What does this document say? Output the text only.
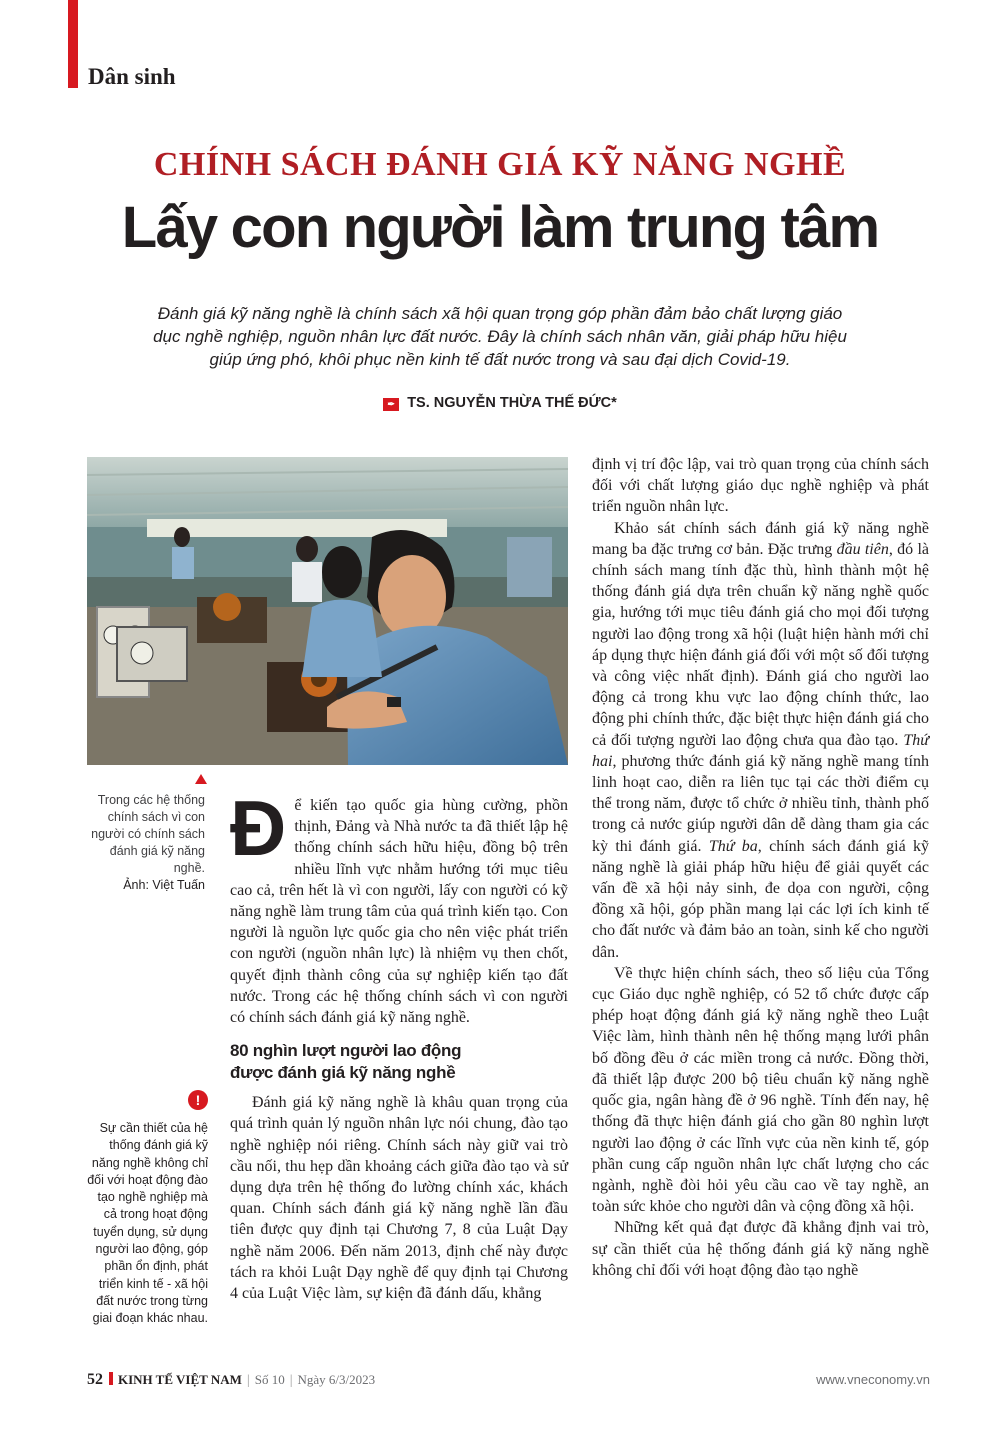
Dân sinh
CHÍNH SÁCH ĐÁNH GIÁ KỸ NĂNG NGHỀ
Lấy con người làm trung tâm
Đánh giá kỹ năng nghề là chính sách xã hội quan trọng góp phần đảm bảo chất lượng giáo
dục nghề nghiệp, nguồn nhân lực đất nước. Đây là chính sách nhân văn, giải pháp hữu hiệu
giúp ứng phó, khôi phục nền kinh tế đất nước trong và sau đại dịch Covid-19.
✒ TS. NGUYỄN THỪA THẾ ĐỨC*
Trong các hệ thống chính sách vì con người có chính sách đánh giá kỹ năng nghề.
Ảnh: Việt Tuấn
!
Sự cần thiết của hệ thống đánh giá kỹ năng nghề không chỉ đối với hoạt động đào tạo nghề nghiệp mà cả trong hoạt động tuyển dụng, sử dụng người lao động, góp phần ổn định, phát triển kinh tế - xã hội đất nước trong từng giai đoạn khác nhau.

Để kiến tạo quốc gia hùng cường, phồn thịnh, Đảng và Nhà nước ta đã thiết lập hệ thống chính sách hữu hiệu, đồng bộ trên nhiều lĩnh vực nhằm hướng tới mục tiêu cao cả, trên hết là vì con người, lấy con người có kỹ năng nghề làm trung tâm của quá trình kiến tạo. Con người là nguồn lực quốc gia cho nên việc phát triển con người (nguồn nhân lực) là nhiệm vụ then chốt, quyết định thành công của sự nghiệp kiến tạo đất nước. Trong các hệ thống chính sách vì con người có chính sách đánh giá kỹ năng nghề.

80 nghìn lượt người lao động
được đánh giá kỹ năng nghề

Đánh giá kỹ năng nghề là khâu quan trọng của quá trình quản lý nguồn nhân lực nói chung, đào tạo nghề nghiệp nói riêng. Chính sách này giữ vai trò cầu nối, thu hẹp dần khoảng cách giữa đào tạo và sử dụng dựa trên hệ thống đo lường chính xác, khách quan. Chính sách đánh giá kỹ năng nghề lần đầu tiên được quy định tại Chương 7, 8 của Luật Dạy nghề năm 2006. Đến năm 2013, định chế này được tách ra khỏi Luật Dạy nghề để quy định tại Chương 4 của Luật Việc làm, sự kiện đã đánh dấu, khẳng

định vị trí độc lập, vai trò quan trọng của chính sách đối với chất lượng giáo dục nghề nghiệp và phát triển nguồn nhân lực.

Khảo sát chính sách đánh giá kỹ năng nghề mang ba đặc trưng cơ bản. Đặc trưng đầu tiên, đó là chính sách mang tính đặc thù, hình thành một hệ thống đánh giá dựa trên chuẩn kỹ năng nghề quốc gia, hướng tới mục tiêu đánh giá cho mọi đối tượng người lao động trong xã hội (luật hiện hành mới chỉ áp dụng thực hiện đánh giá đối với một số đối tượng và công việc nhất định). Đánh giá cho người lao động cả trong khu vực lao động chính thức, lao động phi chính thức, đặc biệt thực hiện đánh giá cho cả đối tượng người lao động chưa qua đào tạo. Thứ hai, phương thức đánh giá kỹ năng nghề mang tính linh hoạt cao, diễn ra liên tục tại các thời điểm cụ thể trong năm, được tổ chức ở nhiều tỉnh, thành phố trong cả nước giúp người dân dễ dàng tham gia các kỳ thi đánh giá. Thứ ba, chính sách đánh giá kỹ năng nghề là giải pháp hữu hiệu để giải quyết các vấn đề xã hội nảy sinh, đe dọa con người, cộng đồng xã hội, góp phần mang lại các lợi ích kinh tế cho đất nước và đảm bảo an toàn, sinh kế cho người dân.

Về thực hiện chính sách, theo số liệu của Tổng cục Giáo dục nghề nghiệp, có 52 tổ chức được cấp phép hoạt động đánh giá kỹ năng nghề theo Luật Việc làm, hình thành nên hệ thống mạng lưới phân bố đồng đều ở các miền trong cả nước. Đồng thời, đã thiết lập được 200 bộ tiêu chuẩn kỹ năng nghề quốc gia, ngân hàng đề ở 96 nghề. Tính đến nay, hệ thống đã thực hiện đánh giá cho gần 80 nghìn lượt người lao động ở các lĩnh vực của nền kinh tế, góp phần cung cấp nguồn nhân lực chất lượng cho các ngành, nghề đòi hỏi yêu cầu cao về tay nghề, an toàn sức khỏe cho người dân và cộng đồng xã hội.

Những kết quả đạt được đã khẳng định vai trò, sự cần thiết của hệ thống đánh giá kỹ năng nghề không chỉ đối với hoạt động đào tạo nghề

52 KINH TẾ VIỆT NAM | Số 10 | Ngày 6/3/2023	www.vneconomy.vn
